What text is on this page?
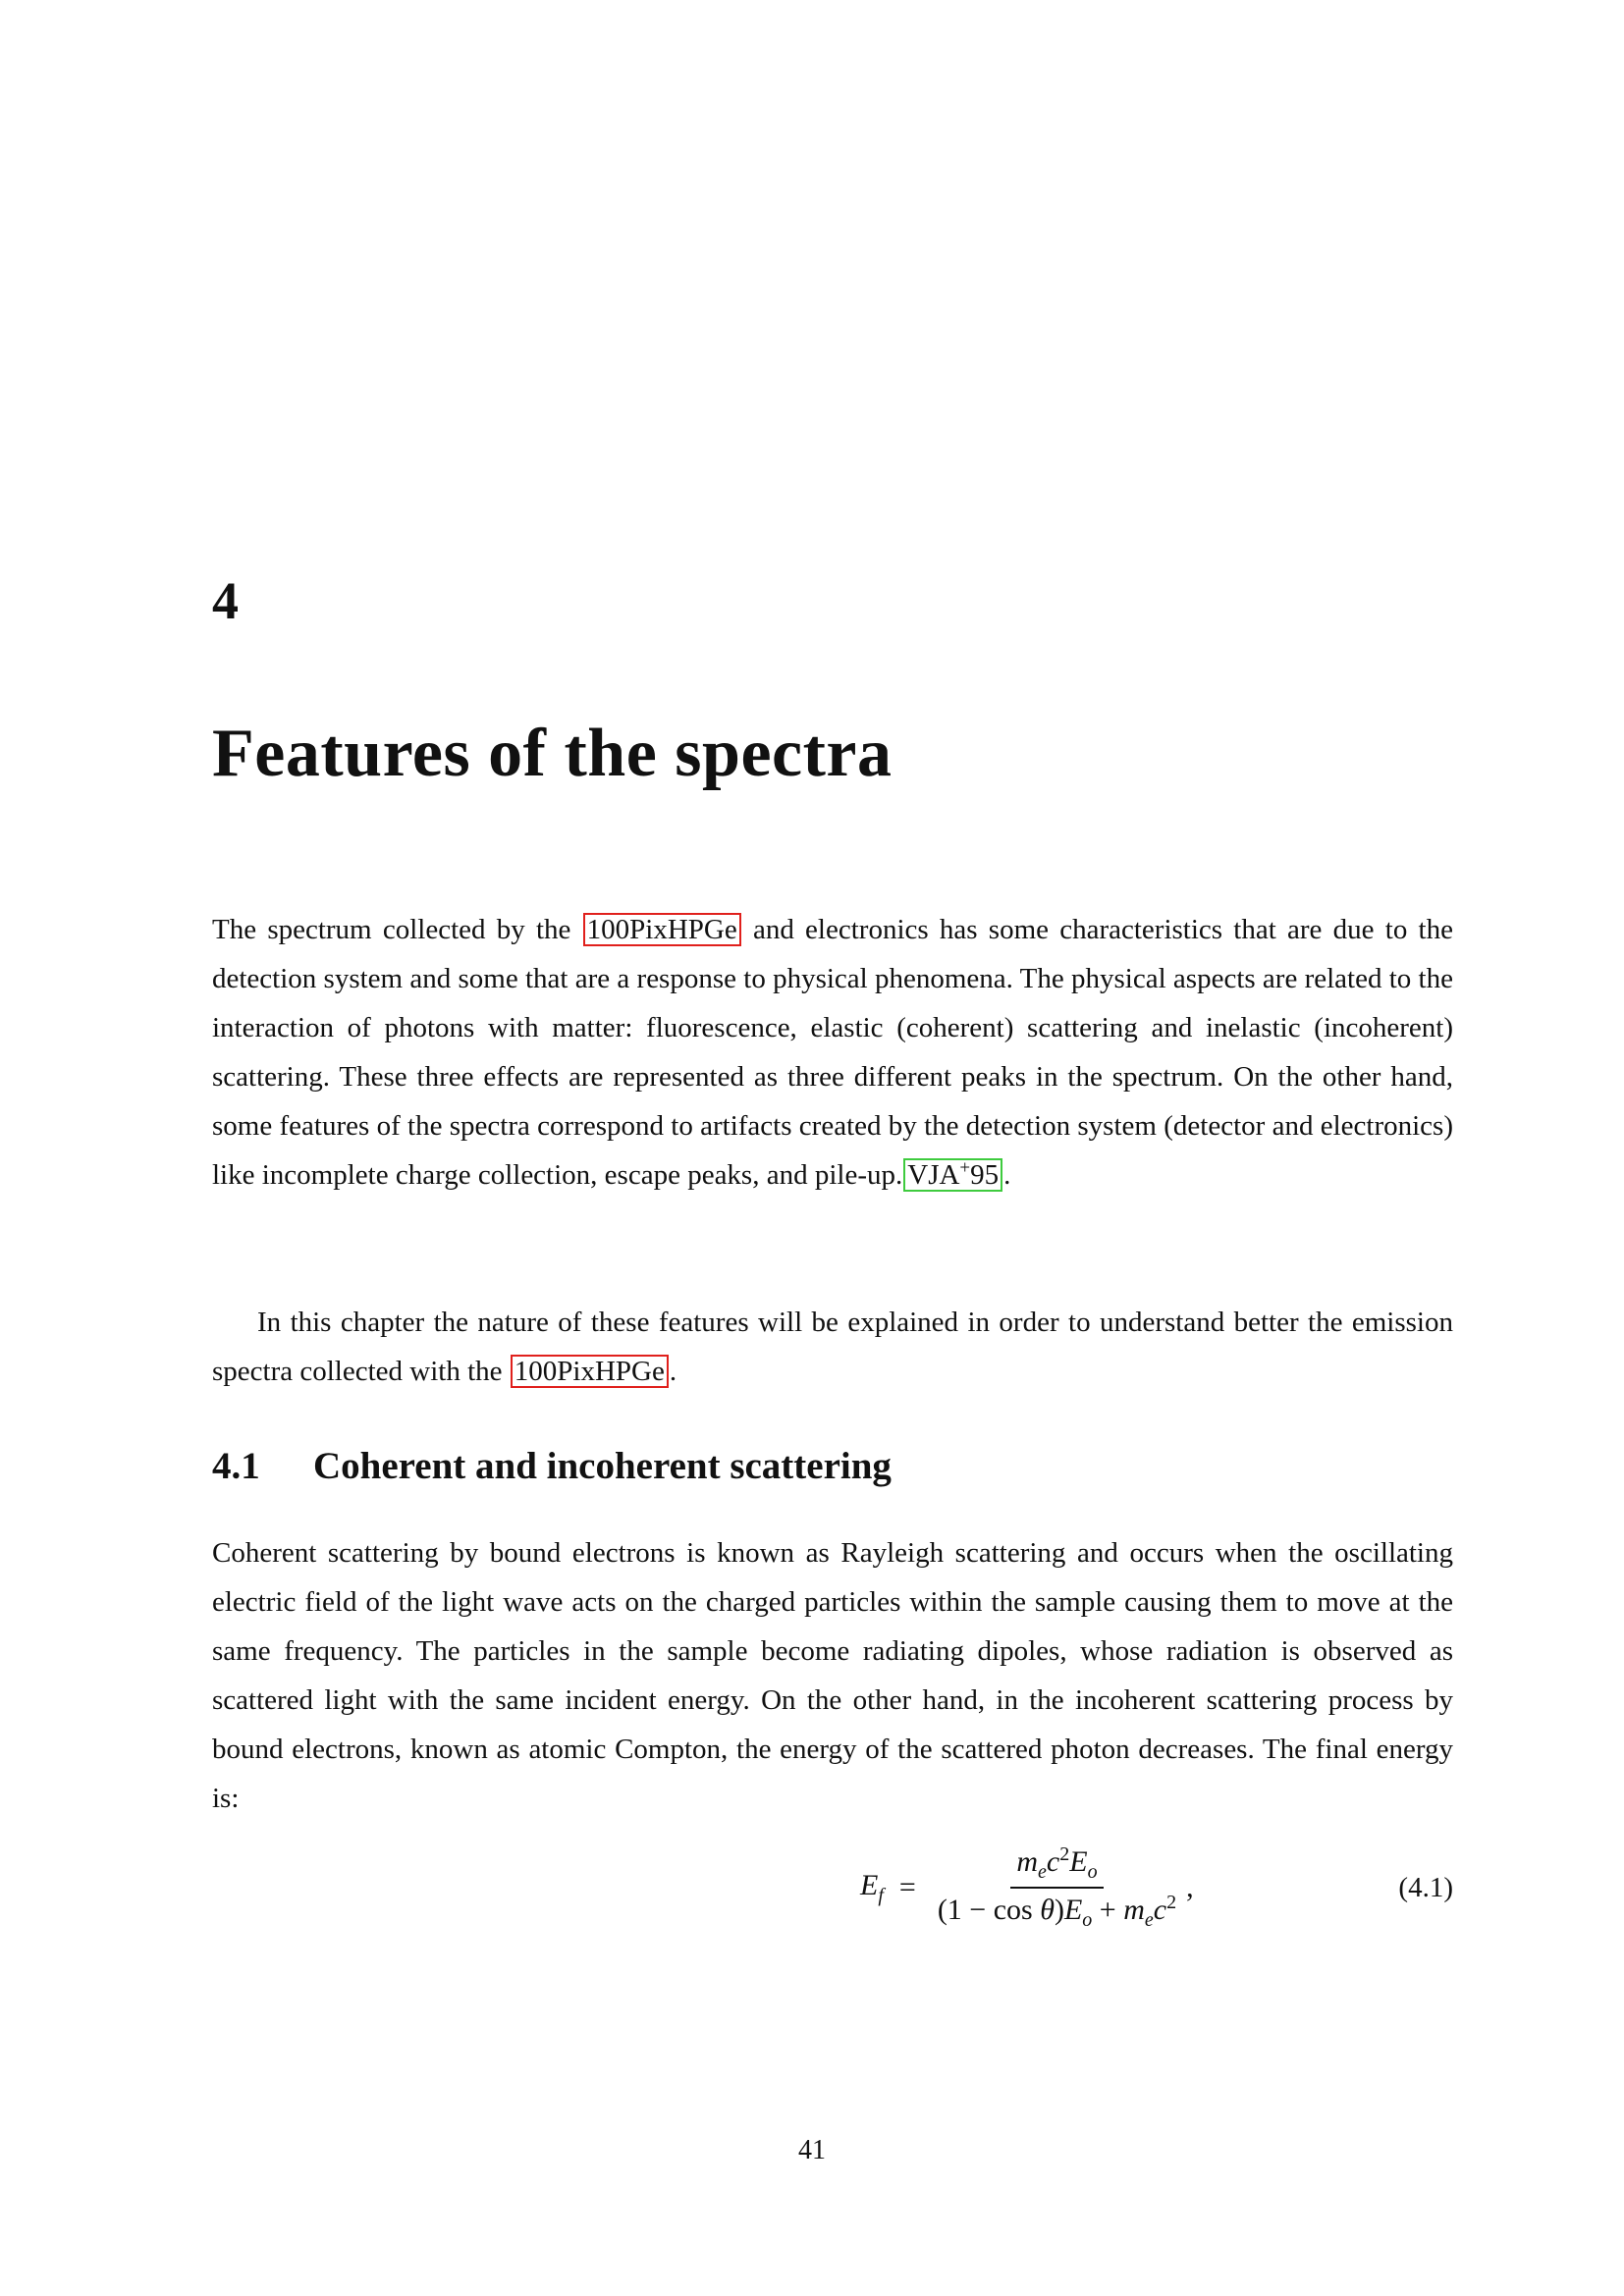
4
Features of the spectra

The spectrum collected by the 100PixHPGe and electronics has some characteristics that are due to the detection system and some that are a response to physical phenomena. The physical aspects are related to the interaction of photons with matter: fluorescence, elastic (coherent) scattering and inelastic (incoherent) scattering. These three effects are represented as three different peaks in the spectrum. On the other hand, some features of the spectra correspond to artifacts created by the detection system (detector and electronics) like incomplete charge collection, escape peaks, and pile-up. VJA+95 .

In this chapter the nature of these features will be explained in order to understand better the emission spectra collected with the 100PixHPGe .

4.1 Coherent and incoherent scattering

Coherent scattering by bound electrons is known as Rayleigh scattering and occurs when the oscillating electric field of the light wave acts on the charged particles within the sample causing them to move at the same frequency. The particles in the sample become radiating dipoles, whose radiation is observed as scattered light with the same incident energy. On the other hand, in the incoherent scattering process by bound electrons, known as atomic Compton, the energy of the scattered photon decreases. The final energy is:

$E_f = \frac{m_ec^2E_o}{(1 - \cos \theta)E_o + m_ec^2}$ ,	(4.1)
41
